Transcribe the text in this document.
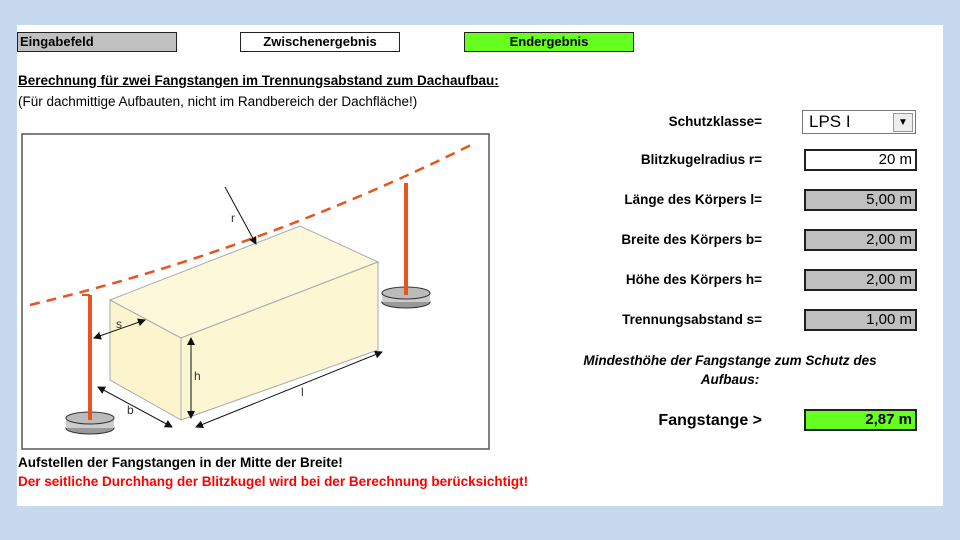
Eingabefeld	Zwischenergebnis	Endergebnis
Berechnung für zwei Fangstangen im Trennungsabstand zum Dachaufbau:
(Für dachmittige Aufbauten, nicht im Randbereich der Dachfläche!)
r
s
h
b
l
Schutzklasse=	LPS I	▼
Blitzkugelradius r=	20 m
Länge des Körpers l=	5,00 m
Breite des Körpers b=	2,00 m
Höhe des Körpers h=	2,00 m
Trennungsabstand s=	1,00 m
Mindesthöhe der Fangstange zum Schutz des
Aufbaus:
Fangstange >	2,87 m
Aufstellen der Fangstangen in der Mitte der Breite!
Der seitliche Durchhang der Blitzkugel wird bei der Berechnung berücksichtigt!
